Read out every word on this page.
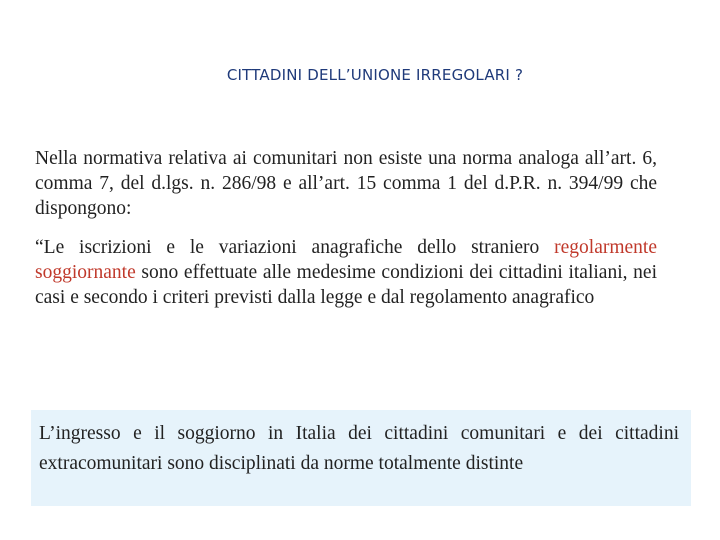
CITTADINI DELL’UNIONE IRREGOLARI ?

Nella normativa relativa ai comunitari non esiste una norma analoga all’art. 6, comma 7, del d.lgs. n. 286/98 e all’art. 15 comma 1 del d.P.R. n. 394/99 che dispongono:

“Le iscrizioni e le variazioni anagrafiche dello straniero regolarmente soggiornante sono effettuate alle medesime condizioni dei cittadini italiani, nei casi e secondo i criteri previsti dalla legge e dal regolamento anagrafico

L’ingresso e il soggiorno in Italia dei cittadini comunitari e dei cittadini extracomunitari sono disciplinati da norme totalmente distinte
